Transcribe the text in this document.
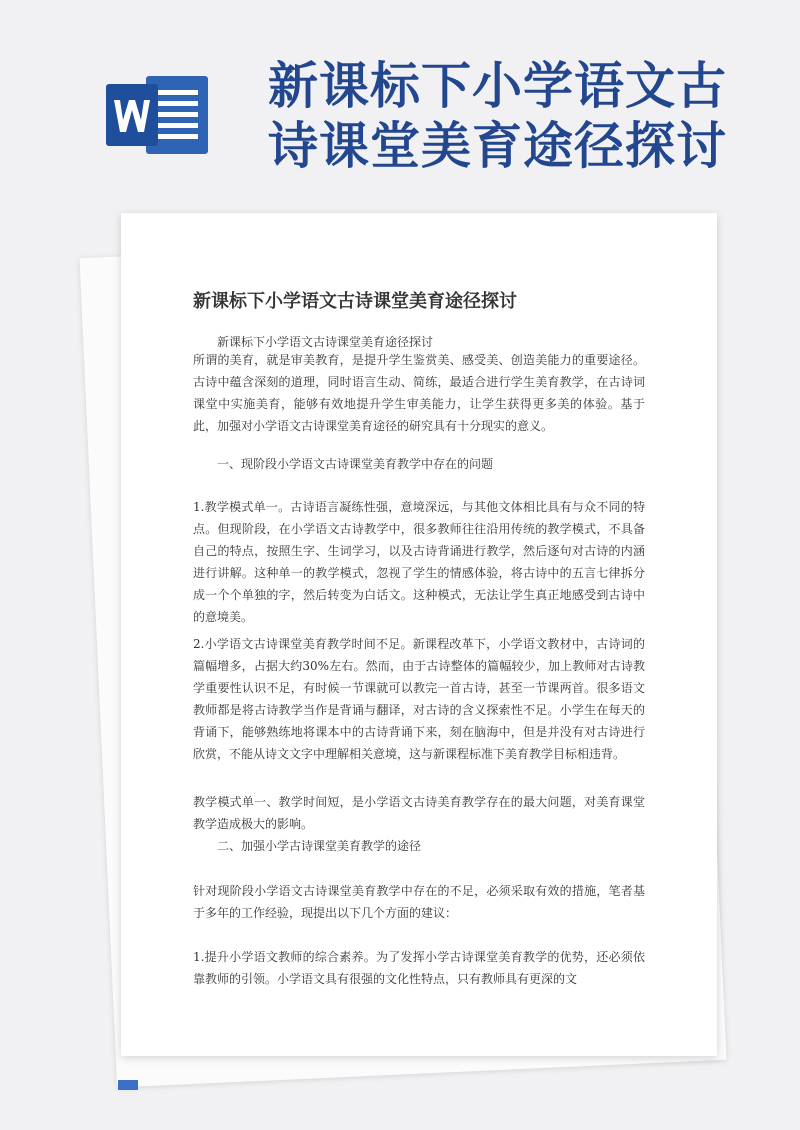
新课标下小学语文古诗课堂美育途径探讨
新课标下小学语文古诗课堂美育途径探讨

新课标下小学语文古诗课堂美育途径探讨

所谓的美育，就是审美教育，是提升学生鉴赏美、感受美、创造美能力的重要途径。古诗中蕴含深刻的道理，同时语言生动、简练，最适合进行学生美育教学，在古诗词课堂中实施美育，能够有效地提升学生审美能力，让学生获得更多美的体验。基于此，加强对小学语文古诗课堂美育途径的研究具有十分现实的意义。

一、现阶段小学语文古诗课堂美育教学中存在的问题

1.教学模式单一。古诗语言凝练性强，意境深远，与其他文体相比具有与众不同的特点。但现阶段，在小学语文古诗教学中，很多教师往往沿用传统的教学模式，不具备自己的特点，按照生字、生词学习，以及古诗背诵进行教学，然后逐句对古诗的内涵进行讲解。这种单一的教学模式，忽视了学生的情感体验，将古诗中的五言七律拆分成一个个单独的字，然后转变为白话文。这种模式，无法让学生真正地感受到古诗中的意境美。

2.小学语文古诗课堂美育教学时间不足。新课程改革下，小学语文教材中，古诗词的篇幅增多，占据大约30%左右。然而，由于古诗整体的篇幅较少，加上教师对古诗教学重要性认识不足，有时候一节课就可以教完一首古诗，甚至一节课两首。很多语文教师都是将古诗教学当作是背诵与翻译，对古诗的含义探索性不足。小学生在每天的背诵下，能够熟练地将课本中的古诗背诵下来，刻在脑海中，但是并没有对古诗进行欣赏，不能从诗文文字中理解相关意境，这与新课程标准下美育教学目标相违背。

教学模式单一、教学时间短，是小学语文古诗美育教学存在的最大问题，对美育课堂教学造成极大的影响。

二、加强小学古诗课堂美育教学的途径

针对现阶段小学语文古诗课堂美育教学中存在的不足，必须采取有效的措施，笔者基于多年的工作经验，现提出以下几个方面的建议：

1.提升小学语文教师的综合素养。为了发挥小学古诗课堂美育教学的优势，还必须依靠教师的引领。小学语文具有很强的文化性特点，只有教师具有更深的文
